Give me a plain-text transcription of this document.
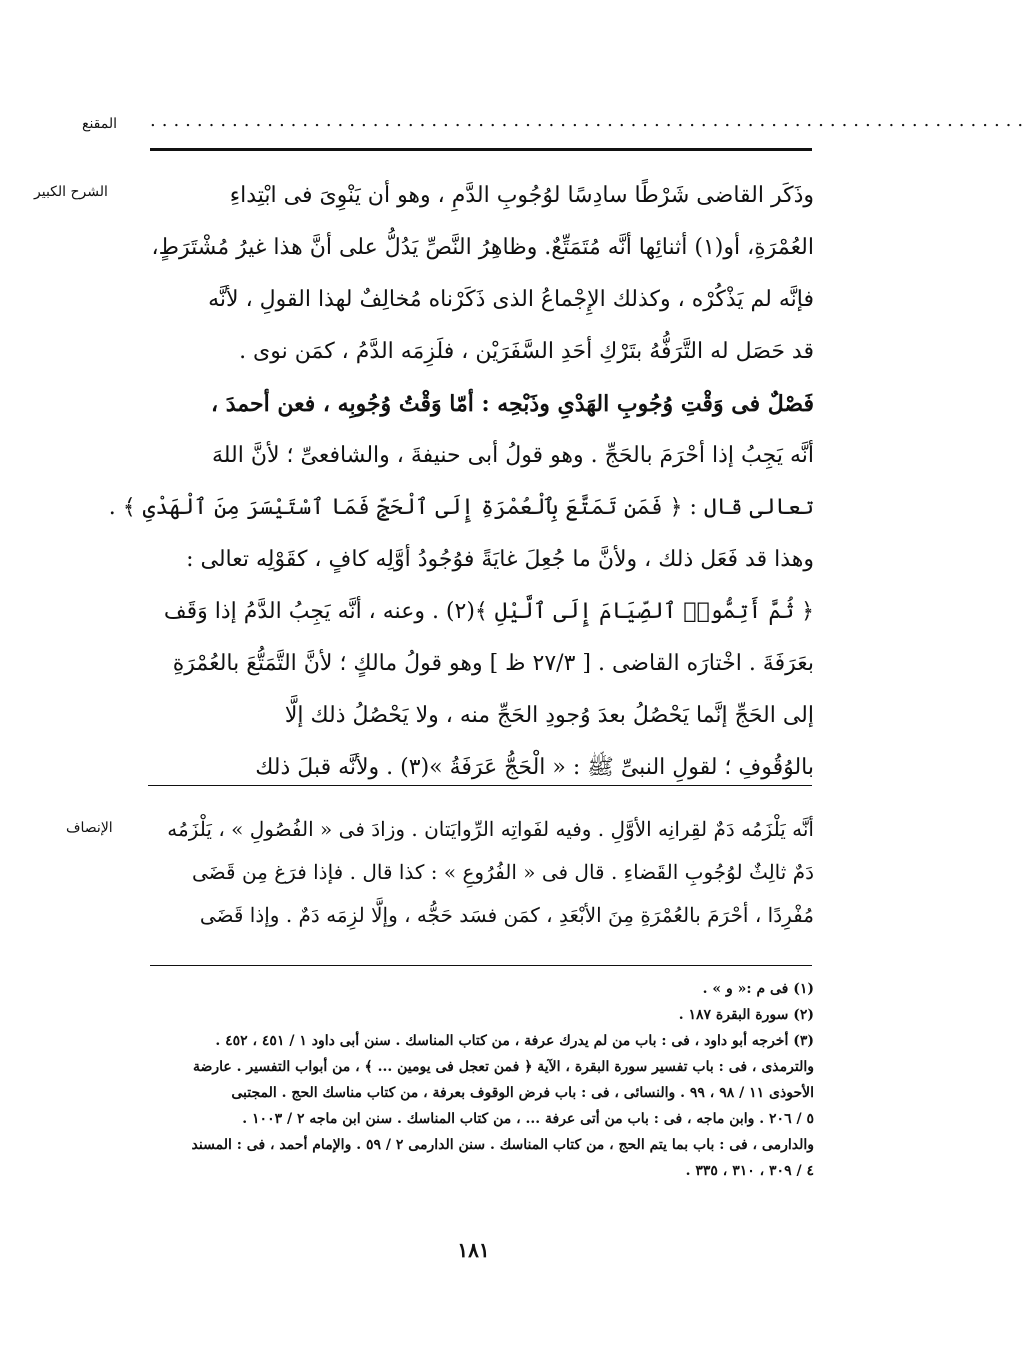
المقنع ...........................................................................
الشرح الكبير
الإنصاف
وذَكَر القاضى شَرْطًا سادِسًا لوُجُوبِ الدَّمِ ، وهو أن يَنْوِىَ فى ابْتِداءِ
العُمْرَةِ، أو(١) أثنائِها أنَّه مُتَمَتِّعٌ. وظاهِرُ النَّصِّ يَدُلُّ على أنَّ هذا غيرُ مُشْتَرَطٍ،
فإنَّه لم يَذْكُرْه ، وكذلك الإِجْماعُ الذى ذَكَرْناه مُخالِفٌ لهذا القولِ ، لأنَّه
قد حَصَل له التَّرَفُّهُ بتَرْكِ أحَدِ السَّفَرَيْن ، فلَزِمَه الدَّمُ ، كمَن نوى .
فَصْلٌ فى وَقْتِ وُجُوبِ الهَدْىِ وذَبْحِه : أمّا وَقْتُ وُجُوبِه ، فعن أحمدَ ،
أنَّه يَجِبُ إذا أحْرَمَ بالحَجِّ . وهو قولُ أبى حنيفةَ ، والشافعىِّ ؛ لأنَّ اللهَ
تعالى قال : ﴿ فَمَن تَمَتَّعَ بِٱلْعُمْرَةِ إِلَى ٱلْحَجِّ فَمَا ٱسْتَيْسَرَ مِنَ ٱلْهَدْىِ ﴾ .
وهذا قد فَعَل ذلك ، ولأنَّ ما جُعِلَ غايَةً فوُجُودُ أوَّلِه كافٍ ، كقَوْلِه تعالى :
﴿ ثُمَّ أَتِمُّوا۟ ٱلصِّيَامَ إِلَى ٱلَّيْلِ ﴾(٢) . وعنه ، أنَّه يَجِبُ الدَّمُ إذا وَقَف
بعَرَفَةَ . اخْتارَه القاضى . [ ٢٧/٣ ظ ] وهو قولُ مالكٍ ؛ لأنَّ التَّمَتُّعَ بالعُمْرَةِ
إلى الحَجِّ إنَّما يَحْصُلُ بعدَ وُجودِ الحَجِّ منه ، ولا يَحْصُلُ ذلك إلَّا
بالوُقُوفِ ؛ لقولِ النبىِّ ﷺ : « الْحَجُّ عَرَفَةُ »(٣) . ولأنَّه قبلَ ذلك
أنَّه يَلْزَمُه دَمٌ لقِرانِه الأوَّلِ . وفيه لفَواتِه الرِّوايَتان . وزادَ فى « الفُصُولِ » ، يَلْزَمُه
دَمٌ ثالِثٌ لوُجُوبِ القَضاءِ . قال فى « الفُرُوعِ » : كذا قال . فإذا فرَغ مِن قَضَى
مُفْرِدًا ، أحْرَمَ بالعُمْرَةِ مِنَ الأبْعَدِ ، كمَن فسَد حَجُّه ، وإلَّا لزِمَه دَمٌ . وإذا قَضَى
(١) فى م :« و » .
(٢) سورة البقرة ١٨٧ .
(٣) أخرجه أبو داود ، فى : باب من لم يدرك عرفة ، من كتاب المناسك . سنن أبى داود ١ / ٤٥١ ، ٤٥٢ .
والترمذى ، فى : باب تفسير سورة البقرة ، الآية ﴿ فمن تعجل فى يومين ... ﴾ ، من أبواب التفسير . عارضة
الأحوذى ١١ / ٩٨ ، ٩٩ . والنسائى ، فى : باب فرض الوقوف بعرفة ، من كتاب مناسك الحج . المجتبى
٥ / ٢٠٦ . وابن ماجه ، فى : باب من أتى عرفة ... ، من كتاب المناسك . سنن ابن ماجه ٢ / ١٠٠٣ .
والدارمى ، فى : باب بما يتم الحج ، من كتاب المناسك . سنن الدارمى ٢ / ٥٩ . والإمام أحمد ، فى : المسند
٤ / ٣٠٩ ، ٣١٠ ، ٣٣٥ .
١٨١
